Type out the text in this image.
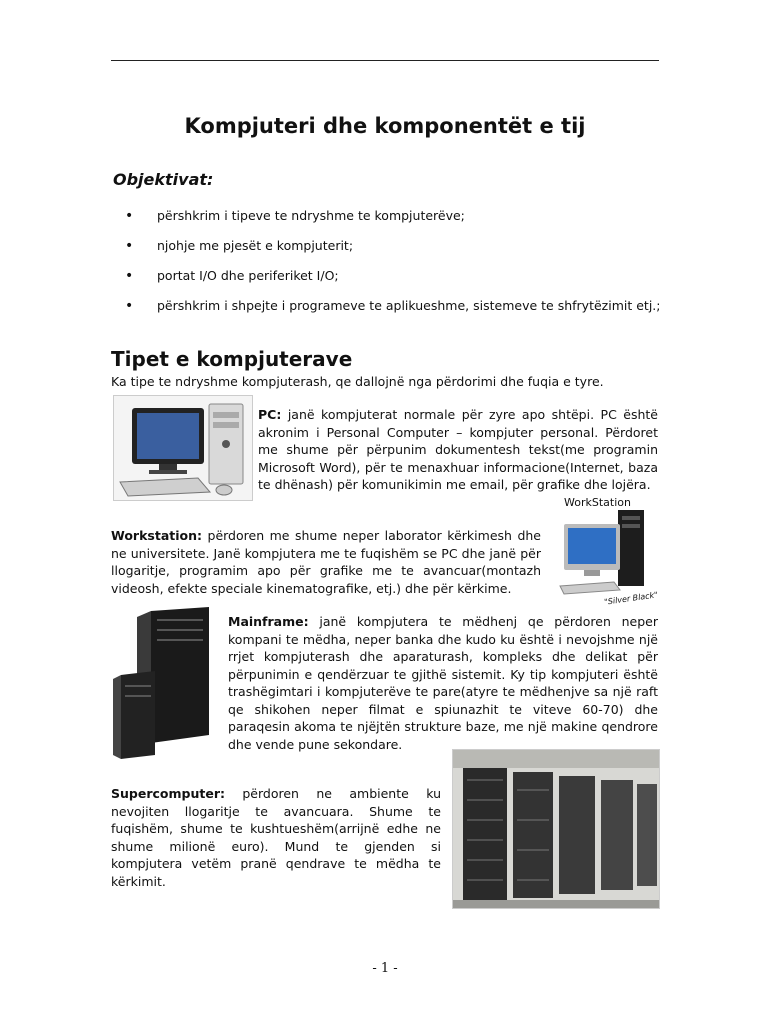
Kompjuteri dhe komponentët e tij
Objektivat:
• përshkrim i tipeve te ndryshme te kompjuterëve;
• njohje me pjesët e kompjuterit;
• portat I/O dhe periferiket I/O;
• përshkrim i shpejte i programeve te aplikueshme, sistemeve te shfrytëzimit etj.;
Tipet e kompjuterave
Ka tipe te ndryshme kompjuterash, qe dallojnë nga përdorimi dhe fuqia e tyre.
PC: janë kompjuterat normale për zyre apo shtëpi. PC është akronim i Personal Computer – kompjuter personal. Përdoret me shume për përpunim dokumentesh tekst(me programin Microsoft Word), për te menaxhuar informacione(Internet, baza te dhënash) për komunikimin me email, për grafike dhe lojëra.
WorkStation
"Silver Black"
Workstation: përdoren me shume neper laborator kërkimesh dhe ne universitete. Janë kompjutera me te fuqishëm se PC dhe janë për llogaritje, programim apo për grafike me te avancuar(montazh videosh, efekte speciale kinematografike, etj.) dhe për kërkime.
Mainframe: janë kompjutera te mëdhenj qe përdoren neper kompani te mëdha, neper banka dhe kudo ku është i nevojshme një rrjet kompjuterash dhe aparaturash, kompleks dhe delikat për përpunimin e qendërzuar te gjithë sistemit. Ky tip kompjuteri është trashëgimtari i kompjuterëve te pare(atyre te mëdhenjve sa një raft qe shikohen neper filmat e spiunazhit te viteve 60-70) dhe paraqesin akoma te njëjtën strukture baze, me një makine qendrore dhe vende pune sekondare.
Supercomputer: përdoren ne ambiente ku nevojiten llogaritje te avancuara. Shume te fuqishëm, shume te kushtueshëm(arrijnë edhe ne shume milionë euro). Mund te gjenden si kompjutera vetëm pranë qendrave te mëdha te kërkimit.
- 1 -
